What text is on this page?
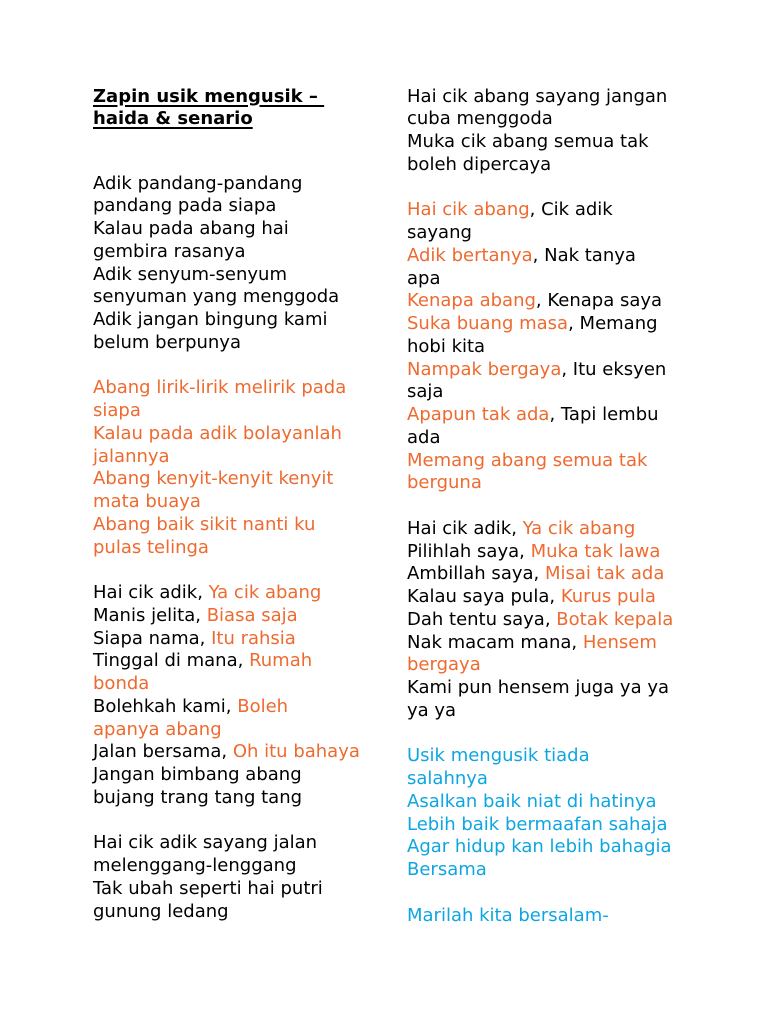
Zapin usik mengusik –
haida & senario
Adik pandang-pandang
pandang pada siapa
Kalau pada abang hai
gembira rasanya
Adik senyum-senyum
senyuman yang menggoda
Adik jangan bingung kami
belum berpunya
Abang lirik-lirik melirik pada
siapa
Kalau pada adik bolayanlah
jalannya
Abang kenyit-kenyit kenyit
mata buaya
Abang baik sikit nanti ku
pulas telinga
Hai cik adik, Ya cik abang
Manis jelita, Biasa saja
Siapa nama, Itu rahsia
Tinggal di mana, Rumah
bonda
Bolehkah kami, Boleh
apanya abang
Jalan bersama, Oh itu bahaya
Jangan bimbang abang
bujang trang tang tang
Hai cik adik sayang jalan
melenggang-lenggang
Tak ubah seperti hai putri
gunung ledang
Hai cik abang sayang jangan
cuba menggoda
Muka cik abang semua tak
boleh dipercaya
Hai cik abang, Cik adik
sayang
Adik bertanya, Nak tanya
apa
Kenapa abang, Kenapa saya
Suka buang masa, Memang
hobi kita
Nampak bergaya, Itu eksyen
saja
Apapun tak ada, Tapi lembu
ada
Memang abang semua tak
berguna
Hai cik adik, Ya cik abang
Pilihlah saya, Muka tak lawa
Ambillah saya, Misai tak ada
Kalau saya pula, Kurus pula
Dah tentu saya, Botak kepala
Nak macam mana, Hensem
bergaya
Kami pun hensem juga ya ya
ya ya
Usik mengusik tiada
salahnya
Asalkan baik niat di hatinya
Lebih baik bermaafan sahaja
Agar hidup kan lebih bahagia
Bersama
Marilah kita bersalam-
